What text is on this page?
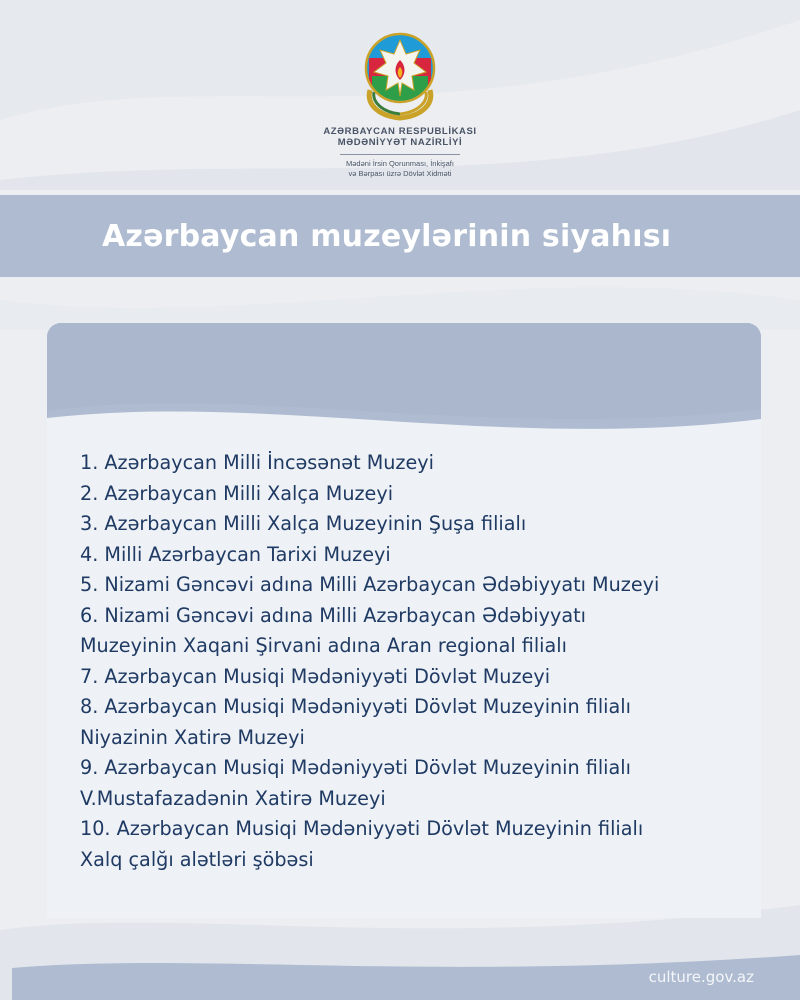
AZƏRBAYCAN RESPUBLİKASI
MƏDƏNİYYƏT NAZİRLİYİ
Mədəni İrsin Qorunması, İnkişafı
və Bərpası üzrə Dövlət Xidməti
Azərbaycan muzeylərinin siyahısı
1. Azərbaycan Milli İncəsənət Muzeyi
2. Azərbaycan Milli Xalça Muzeyi
3. Azərbaycan Milli Xalça Muzeyinin Şuşa filialı
4. Milli Azərbaycan Tarixi Muzeyi
5. Nizami Gəncəvi adına Milli Azərbaycan Ədəbiyyatı Muzeyi
6. Nizami Gəncəvi adına Milli Azərbaycan Ədəbiyyatı
Muzeyinin Xaqani Şirvani adına Aran regional filialı
7. Azərbaycan Musiqi Mədəniyyəti Dövlət Muzeyi
8. Azərbaycan Musiqi Mədəniyyəti Dövlət Muzeyinin filialı
Niyazinin Xatirə Muzeyi
9. Azərbaycan Musiqi Mədəniyyəti Dövlət Muzeyinin filialı
V.Mustafazadənin Xatirə Muzeyi
10. Azərbaycan Musiqi Mədəniyyəti Dövlət Muzeyinin filialı
Xalq çalğı alətləri şöbəsi
culture.gov.az
